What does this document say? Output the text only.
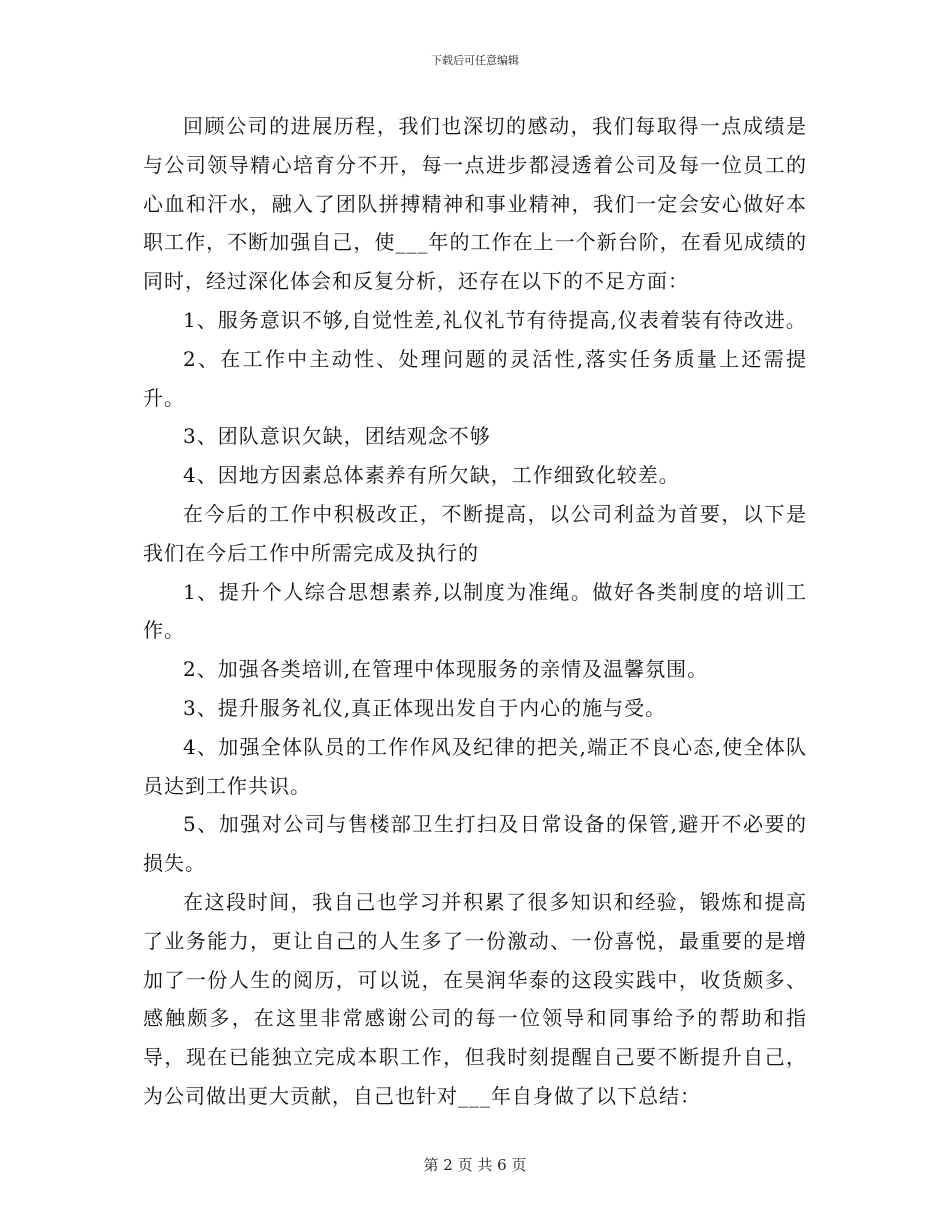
下载后可任意编辑

回顾公司的进展历程，我们也深切的感动，我们每取得一点成绩是与公司领导精心培育分不开，每一点进步都浸透着公司及每一位员工的心血和汗水，融入了团队拼搏精神和事业精神，我们一定会安心做好本职工作，不断加强自己，使___年的工作在上一个新台阶，在看见成绩的同时，经过深化体会和反复分析，还存在以下的不足方面：

1、服务意识不够,自觉性差,礼仪礼节有待提高,仪表着装有待改进。

2、在工作中主动性、处理问题的灵活性,落实任务质量上还需提升。

3、团队意识欠缺，团结观念不够

4、因地方因素总体素养有所欠缺，工作细致化较差。

在今后的工作中积极改正，不断提高，以公司利益为首要，以下是我们在今后工作中所需完成及执行的

1、提升个人综合思想素养,以制度为准绳。做好各类制度的培训工作。

2、加强各类培训,在管理中体现服务的亲情及温馨氛围。

3、提升服务礼仪,真正体现出发自于内心的施与受。

4、加强全体队员的工作作风及纪律的把关,端正不良心态,使全体队员达到工作共识。

5、加强对公司与售楼部卫生打扫及日常设备的保管,避开不必要的损失。

在这段时间，我自己也学习并积累了很多知识和经验，锻炼和提高了业务能力，更让自己的人生多了一份激动、一份喜悦，最重要的是增加了一份人生的阅历，可以说，在昊润华泰的这段实践中，收货颇多、感触颇多，在这里非常感谢公司的每一位领导和同事给予的帮助和指导，现在已能独立完成本职工作，但我时刻提醒自己要不断提升自己，为公司做出更大贡献，自己也针对___年自身做了以下总结：

第 2 页 共 6 页
